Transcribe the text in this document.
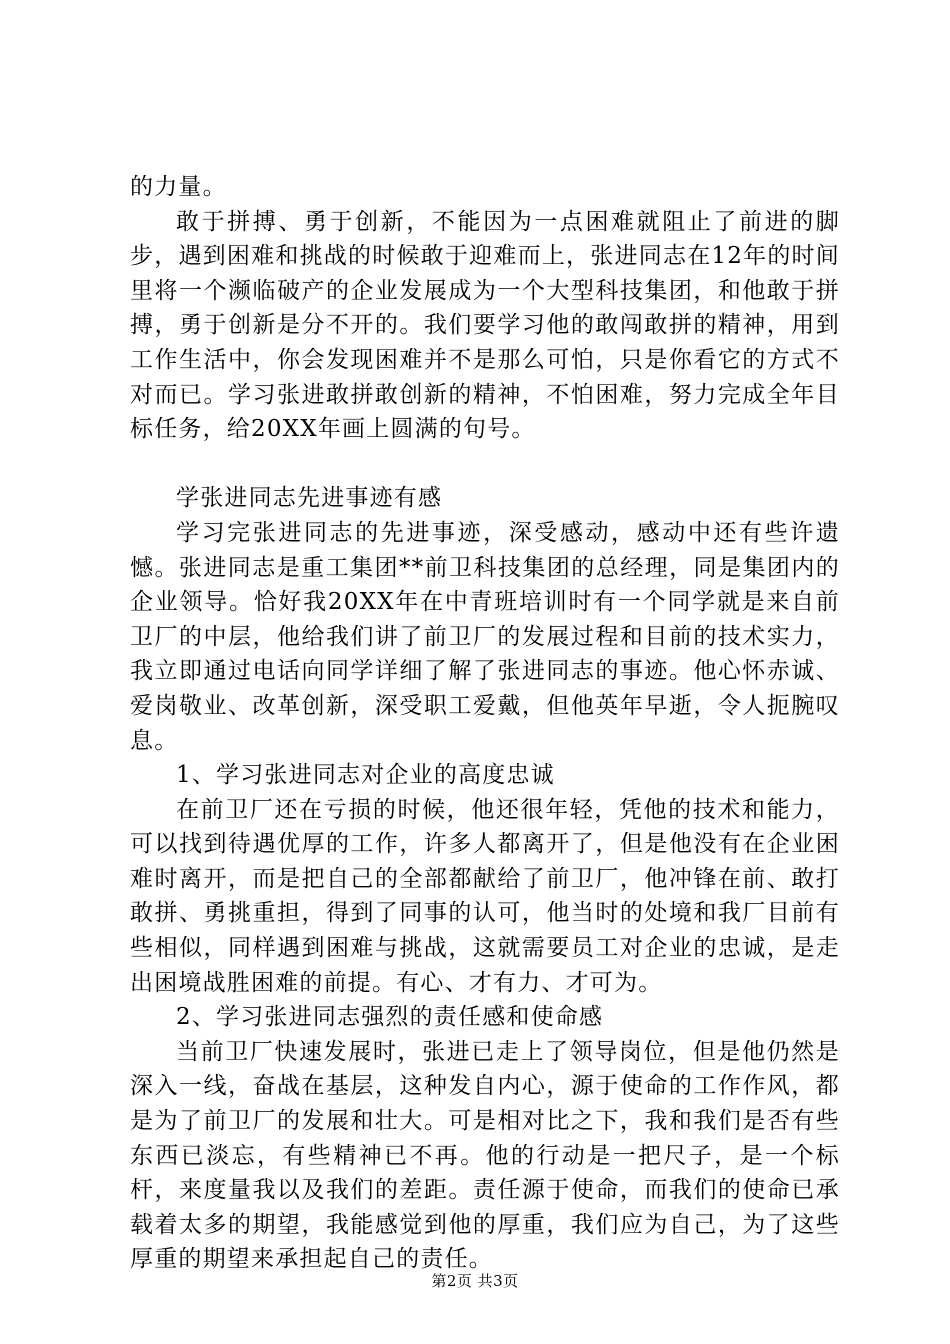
的力量。

敢于拼搏、勇于创新，不能因为一点困难就阻止了前进的脚步，遇到困难和挑战的时候敢于迎难而上，张进同志在12年的时间里将一个濒临破产的企业发展成为一个大型科技集团，和他敢于拼搏，勇于创新是分不开的。我们要学习他的敢闯敢拼的精神，用到工作生活中，你会发现困难并不是那么可怕，只是你看它的方式不对而已。学习张进敢拼敢创新的精神，不怕困难，努力完成全年目标任务，给20XX年画上圆满的句号。

学张进同志先进事迹有感

学习完张进同志的先进事迹，深受感动，感动中还有些许遗憾。张进同志是重工集团**前卫科技集团的总经理，同是集团内的企业领导。恰好我20XX年在中青班培训时有一个同学就是来自前卫厂的中层，他给我们讲了前卫厂的发展过程和目前的技术实力，我立即通过电话向同学详细了解了张进同志的事迹。他心怀赤诚、爱岗敬业、改革创新，深受职工爱戴，但他英年早逝，令人扼腕叹息。

1、学习张进同志对企业的高度忠诚

在前卫厂还在亏损的时候，他还很年轻，凭他的技术和能力，可以找到待遇优厚的工作，许多人都离开了，但是他没有在企业困难时离开，而是把自己的全部都献给了前卫厂，他冲锋在前、敢打敢拼、勇挑重担，得到了同事的认可，他当时的处境和我厂目前有些相似，同样遇到困难与挑战，这就需要员工对企业的忠诚，是走出困境战胜困难的前提。有心、才有力、才可为。

2、学习张进同志强烈的责任感和使命感

当前卫厂快速发展时，张进已走上了领导岗位，但是他仍然是深入一线，奋战在基层，这种发自内心，源于使命的工作作风，都是为了前卫厂的发展和壮大。可是相对比之下，我和我们是否有些东西已淡忘，有些精神已不再。他的行动是一把尺子，是一个标杆，来度量我以及我们的差距。责任源于使命，而我们的使命已承载着太多的期望，我能感觉到他的厚重，我们应为自己，为了这些厚重的期望来承担起自己的责任。

第2页 共3页
